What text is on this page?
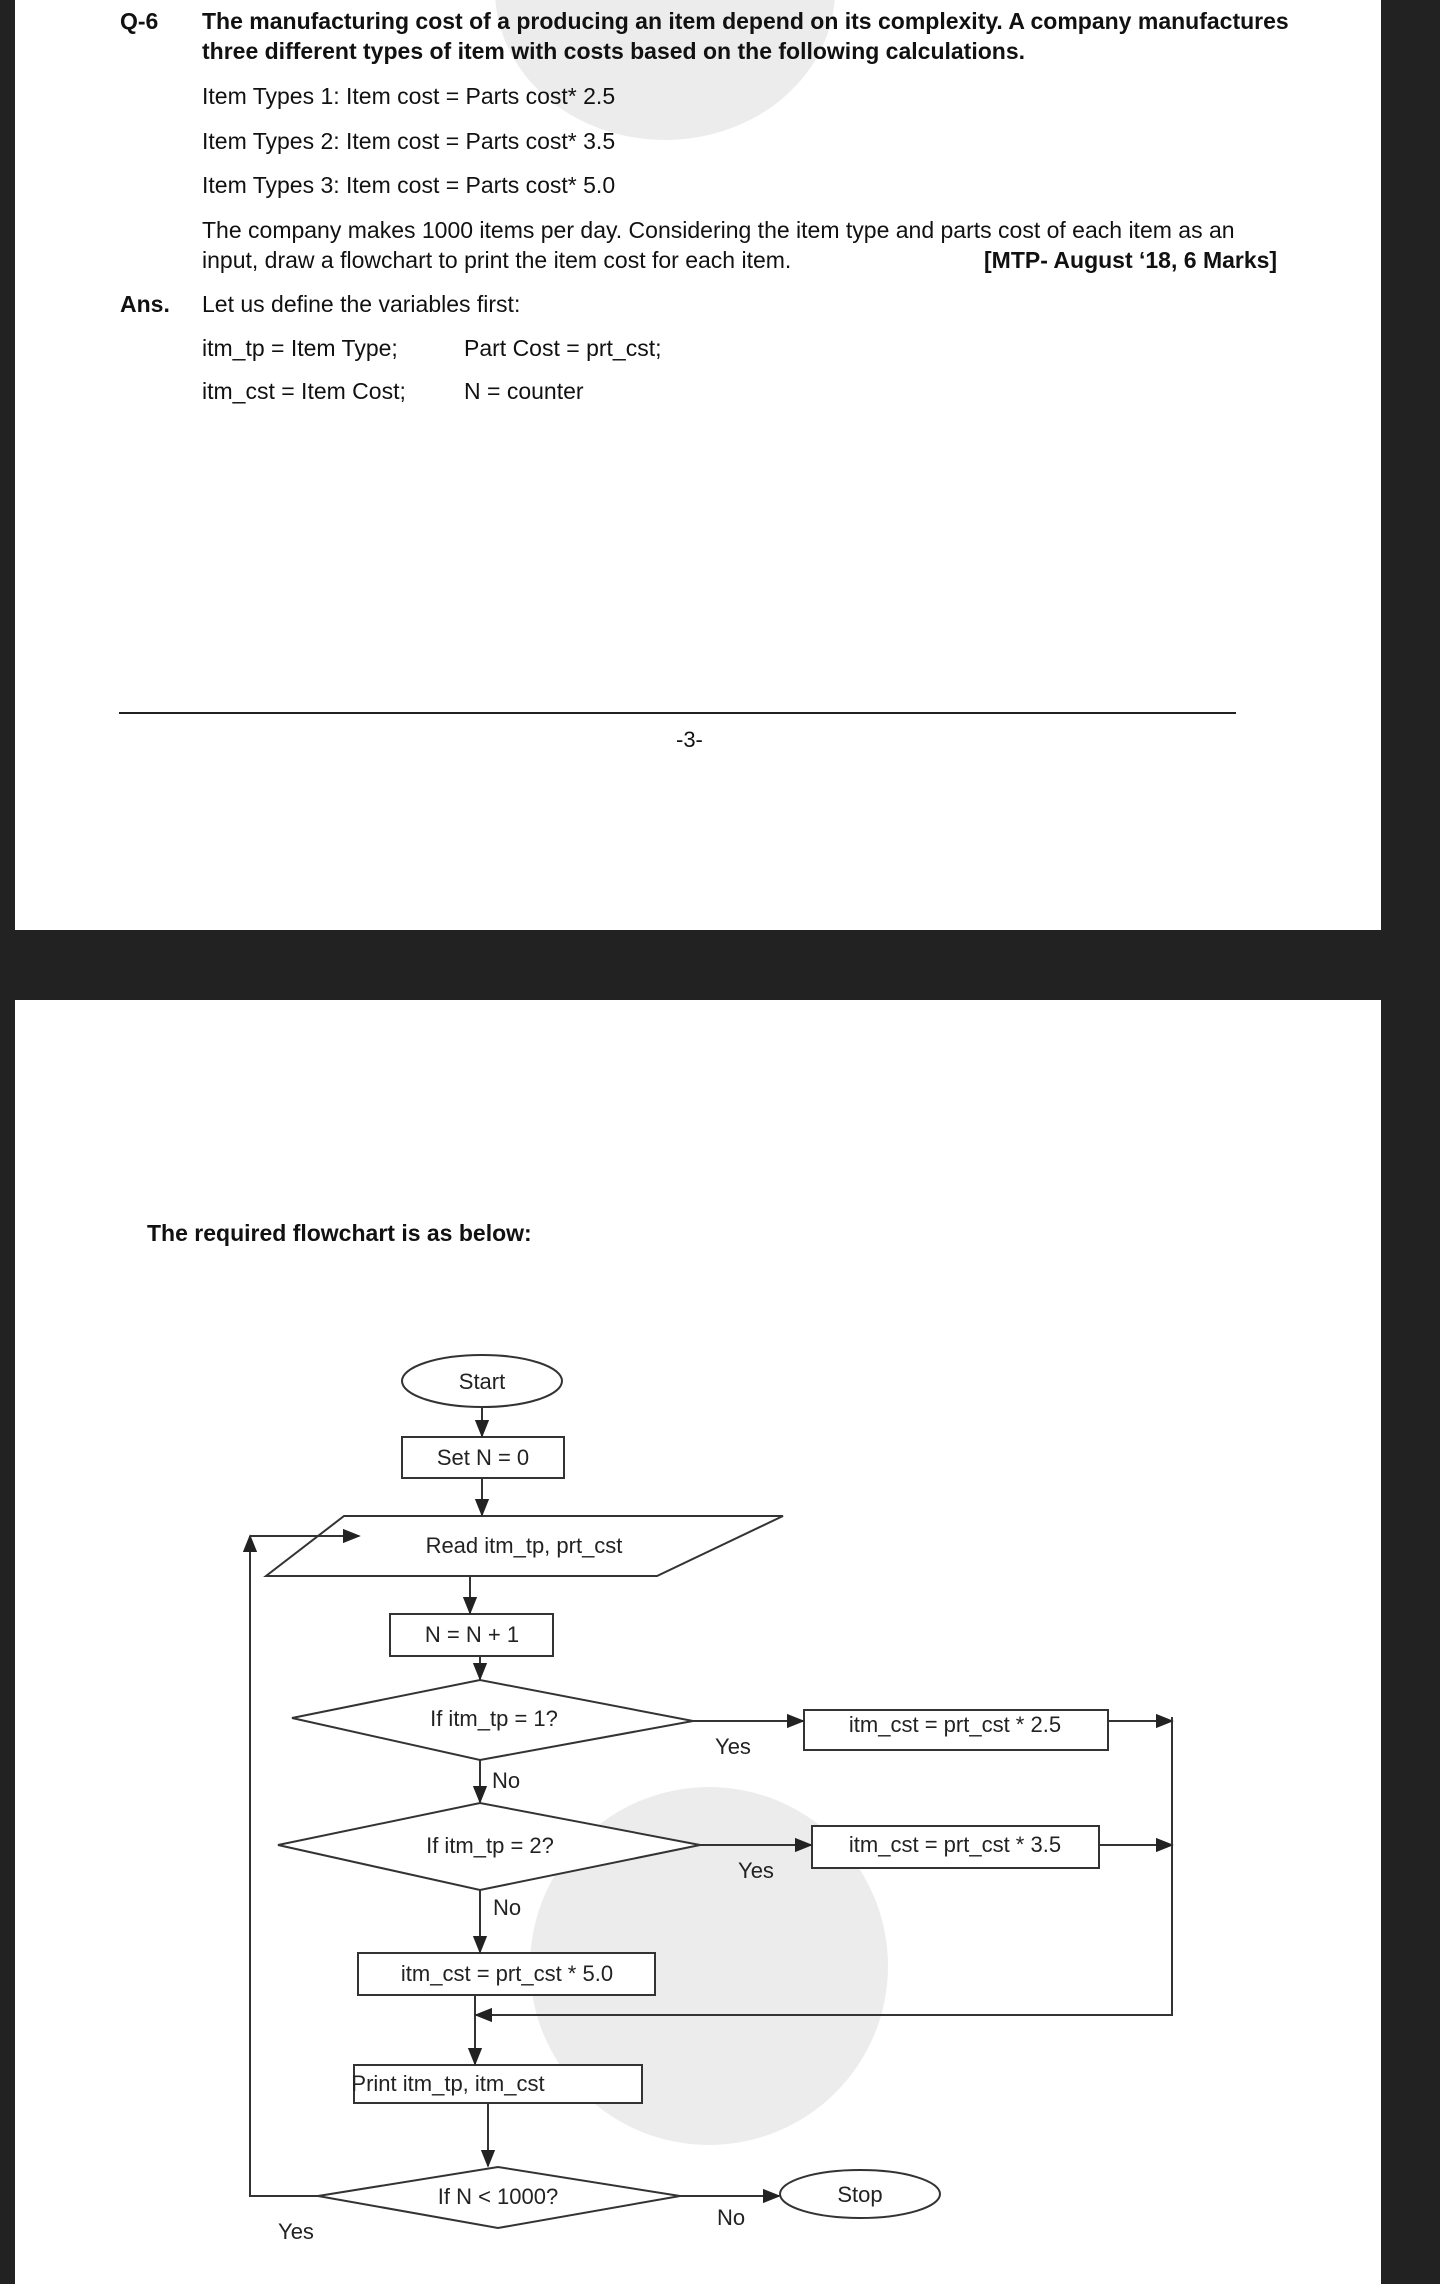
Q-6 The manufacturing cost of a producing an item depend on its complexity. A company manufactures
three different types of item with costs based on the following calculations.
Item Types 1: Item cost = Parts cost* 2.5
Item Types 2: Item cost = Parts cost* 3.5
Item Types 3: Item cost = Parts cost* 5.0
The company makes 1000 items per day. Considering the item type and parts cost of each item as an
input, draw a flowchart to print the item cost for each item.	[MTP- August ‘18, 6 Marks]
Ans. Let us define the variables first:
itm_tp = Item Type;	Part Cost = prt_cst;
itm_cst = Item Cost;	N = counter
-3-
The required flowchart is as below:
Start
Set N = 0
Read itm_tp, prt_cst
N = N + 1
If itm_tp = 1?	itm_cst = prt_cst * 2.5
If itm_tp = 2?	itm_cst = prt_cst * 3.5
itm_cst = prt_cst * 5.0
Print itm_tp, itm_cst
If N < 1000?	Stop
Yes
No
Yes
No
Yes
No
